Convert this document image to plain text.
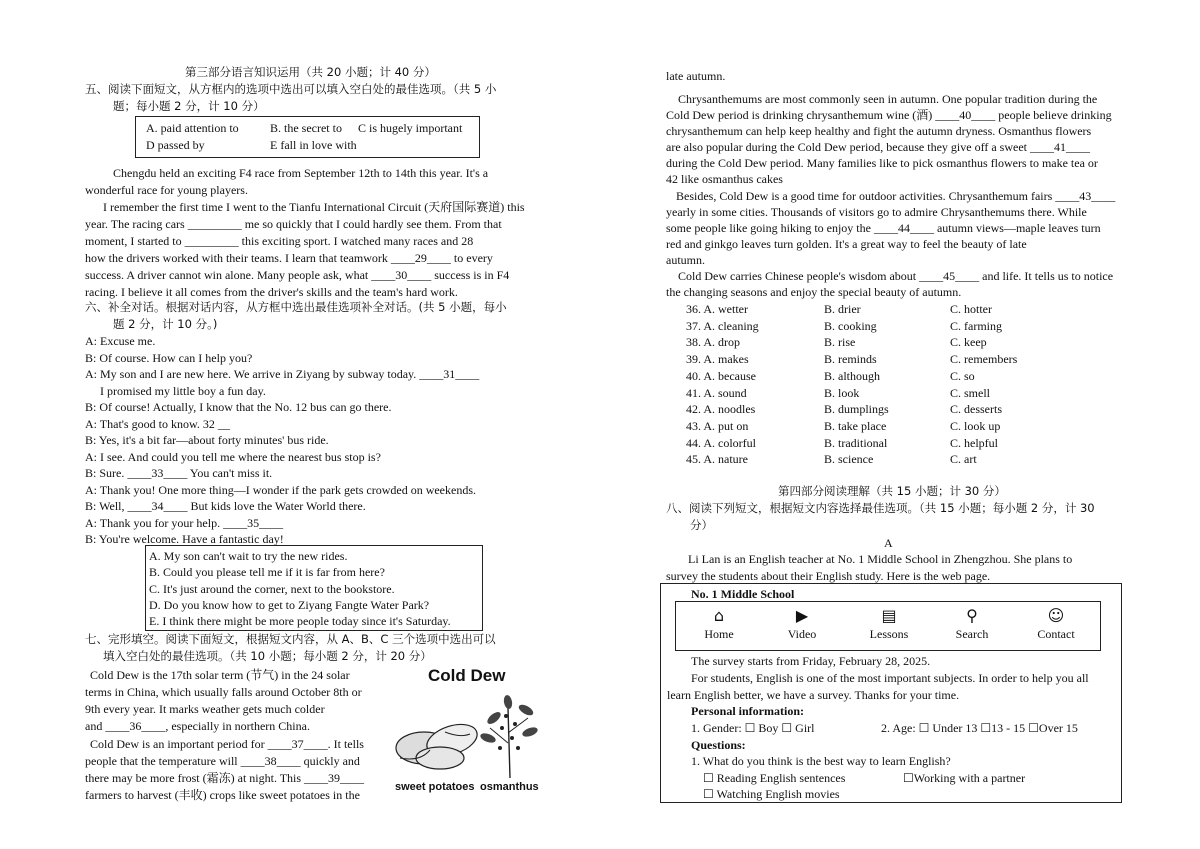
第三部分语言知识运用（共 20 小题；计 40 分）
五、阅读下面短文，从方框内的选项中选出可以填入空白处的最佳选项。（共 5 小
题；每小题 2 分，计 10 分）
A. paid attention to	B. the secret to C is hugely important
D passed by	E fall in love with
Chengdu held an exciting F4 race from September 12th to 14th this year. It's a
wonderful race for young players.
I remember the first time I went to the Tianfu International Circuit (天府国际赛道) this
year. The racing cars _________ me so quickly that I could hardly see them. From that
moment, I started to _________ this exciting sport. I watched many races and 28
how the drivers worked with their teams. I learn that teamwork ____29____ to every
success. A driver cannot win alone. Many people ask, what ____30____ success is in F4
racing. I believe it all comes from the driver's skills and the team's hard work.
六、补全对话。根据对话内容，从方框中选出最佳选项补全对话。(共 5 小题，每小
题 2 分，计 10 分。)
A: Excuse me.
B: Of course. How can I help you?
A: My son and I are new here. We arrive in Ziyang by subway today. ____31____
I promised my little boy a fun day.
B: Of course! Actually, I know that the No. 12 bus can go there.
A: That's good to know. 32 __
B: Yes, it's a bit far—about forty minutes' bus ride.
A: I see. And could you tell me where the nearest bus stop is?
B: Sure. ____33____ You can't miss it.
A: Thank you! One more thing—I wonder if the park gets crowded on weekends.
B: Well, ____34____ But kids love the Water World there.
A: Thank you for your help. ____35____
B: You're welcome. Have a fantastic day!
A. My son can't wait to try the new rides.
B. Could you please tell me if it is far from here?
C. It's just around the corner, next to the bookstore.
D. Do you know how to get to Ziyang Fangte Water Park?
E. I think there might be more people today since it's Saturday.
七、完形填空。阅读下面短文，根据短文内容，从 A、B、C 三个选项中选出可以
填入空白处的最佳选项。（共 10 小题；每小题 2 分，计 20 分）
Cold Dew is the 17th solar term (节气) in the 24 solar
terms in China, which usually falls around October 8th or
9th every year. It marks weather gets much colder
and ____36____, especially in northern China.
Cold Dew is an important period for ____37____. It tells
people that the temperature will ____38____ quickly and
there may be more frost (霜冻) at night. This ____39____
farmers to harvest (丰收) crops like sweet potatoes in the
Cold Dew
sweet potatoes osmanthus
late autumn.
Chrysanthemums are most commonly seen in autumn. One popular tradition during the
Cold Dew period is drinking chrysanthemum wine (酒) ____40____ people believe drinking
chrysanthemum can help keep healthy and fight the autumn dryness. Osmanthus flowers
are also popular during the Cold Dew period, because they give off a sweet ____41____
during the Cold Dew period. Many families like to pick osmanthus flowers to make tea or
42 like osmanthus cakes
Besides, Cold Dew is a good time for outdoor activities. Chrysanthemum fairs ____43____
yearly in some cities. Thousands of visitors go to admire Chrysanthemums there. While
some people like going hiking to enjoy the ____44____ autumn views—maple leaves turn
red and ginkgo leaves turn golden. It's a great way to feel the beauty of late
autumn.
Cold Dew carries Chinese people's wisdom about ____45____ and life. It tells us to notice
the changing seasons and enjoy the special beauty of autumn.
36. A. wetter	B. drier	C. hotter
37. A. cleaning	B. cooking	C. farming
38. A. drop	B. rise	C. keep
39. A. makes	B. reminds	C. remembers
40. A. because	B. although	C. so
41. A. sound	B. look	C. smell
42. A. noodles	B. dumplings	C. desserts
43. A. put on	B. take place	C. look up
44. A. colorful	B. traditional	C. helpful
45. A. nature	B. science	C. art
第四部分阅读理解（共 15 小题；计 30 分）
八、阅读下列短文，根据短文内容选择最佳选项。（共 15 小题；每小题 2 分，计 30
分）
A
Li Lan is an English teacher at No. 1 Middle School in Zhengzhou. She plans to
survey the students about their English study. Here is the web page.
No. 1 Middle School
⌂
Home
▶
Video
▤
Lessons
⚲
Search
☺
Contact
The survey starts from Friday, February 28, 2025.
For students, English is one of the most important subjects. In order to help you all
learn English better, we have a survey. Thanks for your time.
Personal information:
1. Gender: ☐ Boy ☐ Girl	2. Age: ☐ Under 13 ☐13 - 15 ☐Over 15
Questions:
1. What do you think is the best way to learn English?
☐ Reading English sentences	☐Working with a partner
☐ Watching English movies
